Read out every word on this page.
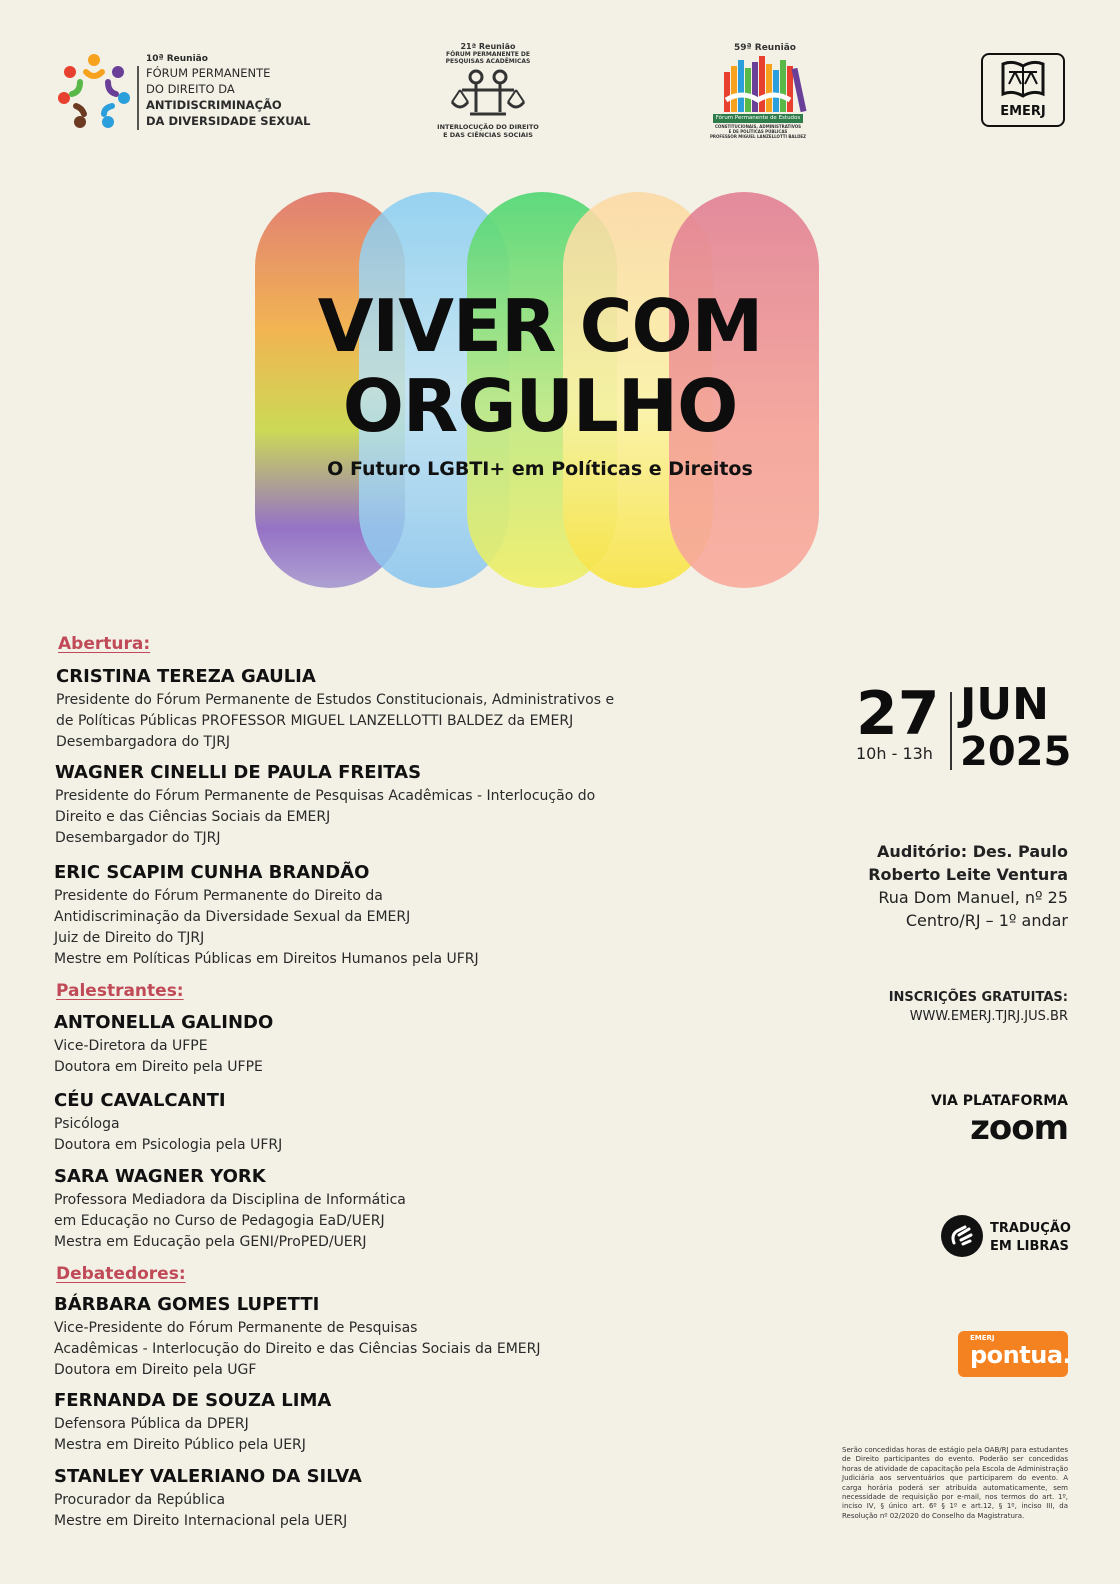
10ª Reunião
FÓRUM PERMANENTE
DO DIREITO DA
ANTIDISCRIMINAÇÃO
DA DIVERSIDADE SEXUAL
21ª Reunião
FÓRUM PERMANENTE DE
PESQUISAS ACADÊMICAS
INTERLOCUÇÃO DO DIREITO
E DAS CIÊNCIAS SOCIAIS
59ª Reunião
Fórum Permanente de Estudos
CONSTITUCIONAIS, ADMINISTRATIVOS
E DE POLÍTICAS PÚBLICAS
PROFESSOR MIGUEL LANZELLOTTI BALDEZ
EMERJ
VIVER COM
ORGULHO
O Futuro LGBTI+ em Políticas e Direitos
Abertura:
CRISTINA TEREZA GAULIA
Presidente do Fórum Permanente de Estudos Constitucionais, Administrativos e
de Políticas Públicas PROFESSOR MIGUEL LANZELLOTTI BALDEZ da EMERJ
Desembargadora do TJRJ
WAGNER CINELLI DE PAULA FREITAS
Presidente do Fórum Permanente de Pesquisas Acadêmicas - Interlocução do
Direito e das Ciências Sociais da EMERJ
Desembargador do TJRJ
ERIC SCAPIM CUNHA BRANDÃO
Presidente do Fórum Permanente do Direito da
Antidiscriminação da Diversidade Sexual da EMERJ
Juiz de Direito do TJRJ
Mestre em Políticas Públicas em Direitos Humanos pela UFRJ
Palestrantes:
ANTONELLA GALINDO
Vice-Diretora da UFPE
Doutora em Direito pela UFPE
CÉU CAVALCANTI
Psicóloga
Doutora em Psicologia pela UFRJ
SARA WAGNER YORK
Professora Mediadora da Disciplina de Informática
em Educação no Curso de Pedagogia EaD/UERJ
Mestra em Educação pela GENI/ProPED/UERJ
Debatedores:
BÁRBARA GOMES LUPETTI
Vice-Presidente do Fórum Permanente de Pesquisas
Acadêmicas - Interlocução do Direito e das Ciências Sociais da EMERJ
Doutora em Direito pela UGF
FERNANDA DE SOUZA LIMA
Defensora Pública da DPERJ
Mestra em Direito Público pela UERJ
STANLEY VALERIANO DA SILVA
Procurador da República
Mestre em Direito Internacional pela UERJ
27
10h - 13h
JUN
2025
Auditório: Des. Paulo
Roberto Leite Ventura
Rua Dom Manuel, nº 25
Centro/RJ – 1º andar
INSCRIÇÕES GRATUITAS:
WWW.EMERJ.TJRJ.JUS.BR
VIA PLATAFORMA
zoom
TRADUÇÃO
EM LIBRAS
EMERJ
pontua.
Serão concedidas horas de estágio pela OAB/RJ para estudantes de Direito participantes do evento. Poderão ser concedidas horas de atividade de capacitação pela Escola de Administração Judiciária aos serventuários que participarem do evento. A carga horária poderá ser atribuída automaticamente, sem necessidade de requisição por e-mail, nos termos do art. 1º, inciso IV, § único art. 6º § 1º e art.12, § 1º, inciso III, da Resolução nº 02/2020 do Conselho da Magistratura.
